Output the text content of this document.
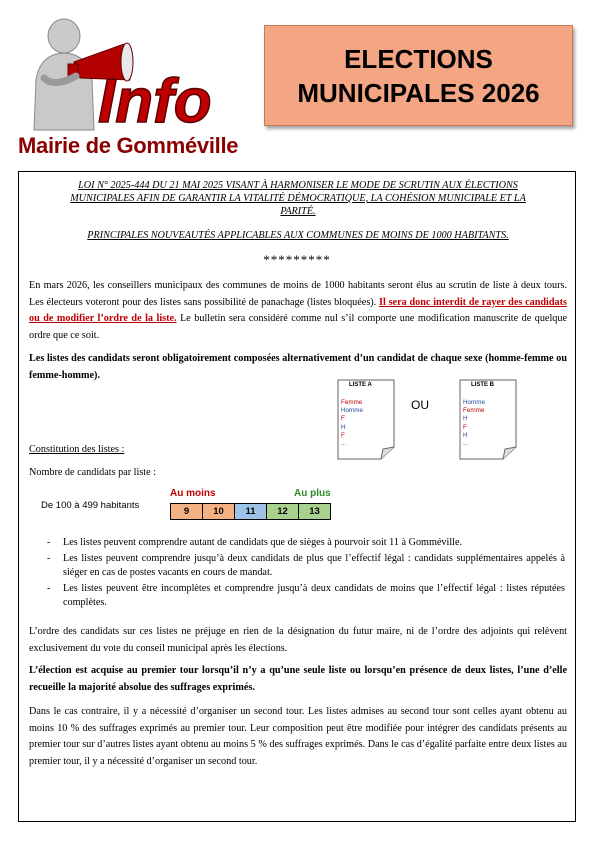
Info
Mairie de Gomméville
ELECTIONS
MUNICIPALES 2026
LOI N° 2025-444 DU 21 MAI 2025 VISANT À HARMONISER LE MODE DE SCRUTIN AUX ÉLECTIONS
MUNICIPALES AFIN DE GARANTIR LA VITALITÉ DÉMOCRATIQUE, LA COHÉSION MUNICIPALE ET LA
PARITÉ.
PRINCIPALES NOUVEAUTÉS APPLICABLES AUX COMMUNES DE MOINS DE 1000 HABITANTS.
*********
En mars 2026, les conseillers municipaux des communes de moins de 1000 habitants seront élus au scrutin de liste à deux tours. Les électeurs voteront pour des listes sans possibilité de panachage (listes bloquées). Il sera donc interdit de rayer des candidats ou de modifier l’ordre de la liste. Le bulletin sera considéré comme nul s’il comporte une modification manuscrite de quelque ordre que ce soit.
Les listes des candidats seront obligatoirement composées alternativement d’un candidat de chaque sexe (homme-femme ou femme-homme).
LISTE A
Femme
Homme
F
H
F
...
OU
LISTE B
Homme
Femme
H
F
H
...
Constitution des listes :
Nombre de candidats par liste :
De 100 à 499 habitants
Au moins	Au plus
9	10	11	12	13
- Les listes peuvent comprendre autant de candidats que de sièges à pourvoir soit 11 à Gomméville.
- Les listes peuvent comprendre jusqu’à deux candidats de plus que l’effectif légal : candidats supplémentaires appelés à siéger en cas de postes vacants en cours de mandat.
- Les listes peuvent être incomplètes et comprendre jusqu’à deux candidats de moins que l’effectif légal : listes réputées complètes.
L’ordre des candidats sur ces listes ne préjuge en rien de la désignation du futur maire, ni de l’ordre des adjoints qui relèvent exclusivement du vote du conseil municipal après les élections.
L’élection est acquise au premier tour lorsqu’il n’y a qu’une seule liste ou lorsqu’en présence de deux listes, l’une d’elle recueille la majorité absolue des suffrages exprimés.
Dans le cas contraire, il y a nécessité d’organiser un second tour. Les listes admises au second tour sont celles ayant obtenu au moins 10 % des suffrages exprimés au premier tour. Leur composition peut être modifiée pour intégrer des candidats présents au premier tour sur d’autres listes ayant obtenu au moins 5 % des suffrages exprimés. Dans le cas d’égalité parfaite entre deux listes au premier tour, il y a nécessité d’organiser un second tour.
